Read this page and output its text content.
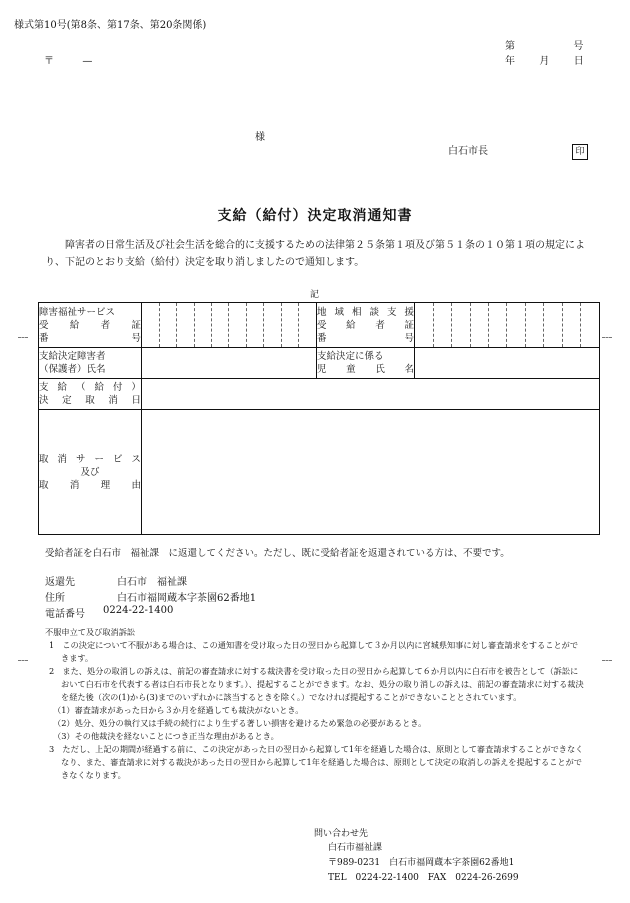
様式第10号(第8条、第17条、第20条関係)
第	号
年 月 日
〒	—
様
白石市長	印
支給（給付）決定取消通知書
障害者の日常生活及び社会生活を総合的に支援するための法律第２５条第１項及び第５１条の１０第１項の規定により、下記のとおり支給（給付）決定を取り消しましたので通知します。
記
障害福祉サービス
受 給 者 証
番	号

地 域 相 談 支 援
受 給 者 証
番	号

支給決定障害者
（保護者）氏名

支給決定に係る
児 童 氏 名

支 給 （ 給 付 ）
決 定 取 消 日

取 消 サ ー ビ ス
及び
取 消 理 由

受給者証を白石市　福祉課　に返還してください。ただし、既に受給者証を返還されている方は、不要です。
返還先	白石市　福祉課
住所	白石市福岡蔵本字茶園62番地1
電話番号 0224-22-1400
不服申立て及び取消訴訟
1　この決定について不服がある場合は、この通知書を受け取った日の翌日から起算して３か月以内に宮城県知事に対し審査請求をすることができます。
2　また、処分の取消しの訴えは、前記の審査請求に対する裁決書を受け取った日の翌日から起算して６か月以内に白石市を被告として（訴訟において白石市を代表する者は白石市長となります。）、提起することができます。なお、処分の取り消しの訴えは、前記の審査請求に対する裁決を経た後（次の(1)から(3)までのいずれかに該当するときを除く。）でなければ提起することができないこととされています。
（1）審査請求があった日から３か月を経過しても裁決がないとき。
（2）処分、処分の執行又は手続の続行により生ずる著しい損害を避けるため緊急の必要があるとき。
（3）その他裁決を経ないことにつき正当な理由があるとき。
3　ただし、上記の期間が経過する前に、この決定があった日の翌日から起算して1年を経過した場合は、原則として審査請求することができなくなり、また、審査請求に対する裁決があった日の翌日から起算して1年を経過した場合は、原則として決定の取消しの訴えを提起することができなくなります。
問い合わせ先
白石市福祉課
〒989-0231　白石市福岡蔵本字茶園62番地1
TEL　0224-22-1400　FAX　0224-26-2699
